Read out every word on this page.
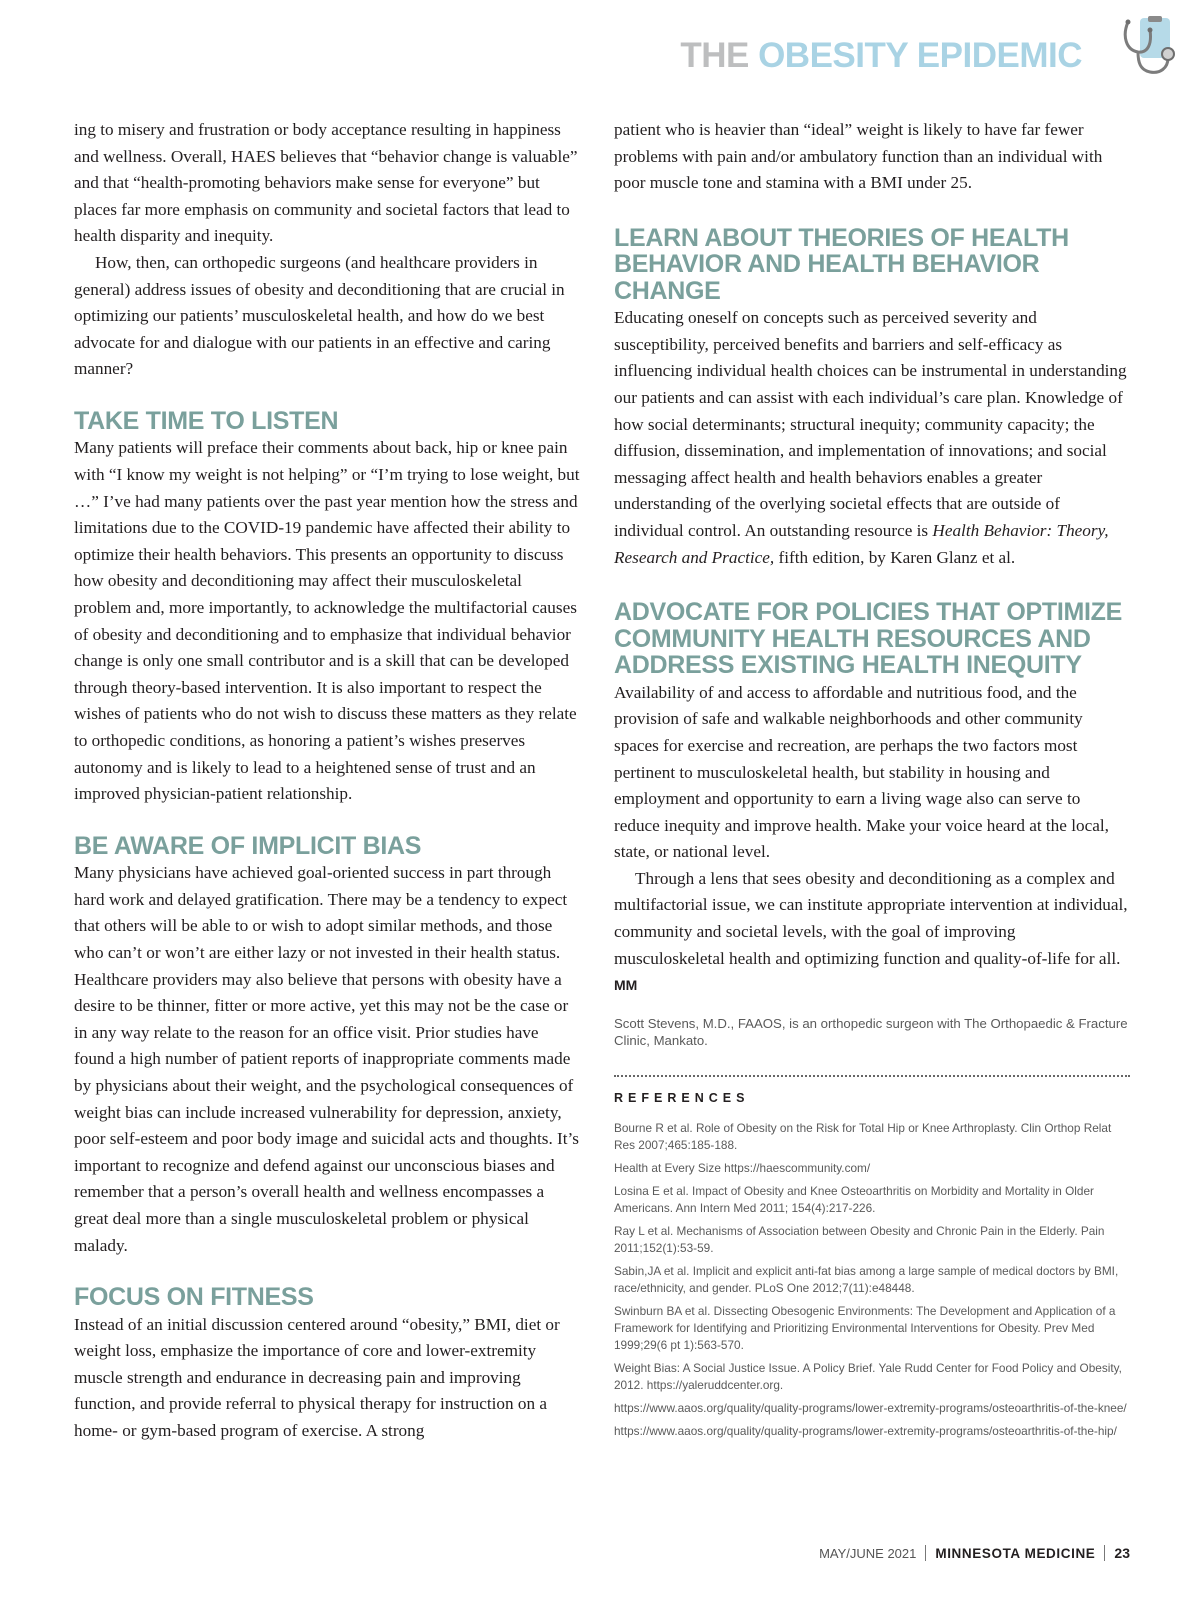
THE OBESITY EPIDEMIC

ing to misery and frustration or body acceptance resulting in happiness and wellness. Overall, HAES believes that “behavior change is valuable” and that “health-promoting behaviors make sense for everyone” but places far more emphasis on community and societal factors that lead to health disparity and inequity.

How, then, can orthopedic surgeons (and healthcare providers in general) address issues of obesity and deconditioning that are crucial in optimizing our patients’ musculoskeletal health, and how do we best advocate for and dialogue with our patients in an effective and caring manner?

TAKE TIME TO LISTEN

Many patients will preface their comments about back, hip or knee pain with “I know my weight is not helping” or “I’m trying to lose weight, but …” I’ve had many patients over the past year mention how the stress and limitations due to the COVID-19 pandemic have affected their ability to optimize their health behaviors. This presents an opportunity to discuss how obesity and deconditioning may affect their musculoskeletal problem and, more importantly, to acknowledge the multifactorial causes of obesity and deconditioning and to emphasize that individual behavior change is only one small contributor and is a skill that can be developed through theory-based intervention. It is also important to respect the wishes of patients who do not wish to discuss these matters as they relate to orthopedic conditions, as honoring a patient’s wishes preserves autonomy and is likely to lead to a heightened sense of trust and an improved physician-patient relationship.

BE AWARE OF IMPLICIT BIAS

Many physicians have achieved goal-oriented success in part through hard work and delayed gratification. There may be a tendency to expect that others will be able to or wish to adopt similar methods, and those who can’t or won’t are either lazy or not invested in their health status. Healthcare providers may also believe that persons with obesity have a desire to be thinner, fitter or more active, yet this may not be the case or in any way relate to the reason for an office visit. Prior studies have found a high number of patient reports of inappropriate comments made by physicians about their weight, and the psychological consequences of weight bias can include increased vulnerability for depression, anxiety, poor self-esteem and poor body image and suicidal acts and thoughts. It’s important to recognize and defend against our unconscious biases and remember that a person’s overall health and wellness encompasses a great deal more than a single musculoskeletal problem or physical malady.

FOCUS ON FITNESS

Instead of an initial discussion centered around “obesity,” BMI, diet or weight loss, emphasize the importance of core and lower-extremity muscle strength and endurance in decreasing pain and improving function, and provide referral to physical therapy for instruction on a home- or gym-based program of exercise. A strong

patient who is heavier than “ideal” weight is likely to have far fewer problems with pain and/or ambulatory function than an individual with poor muscle tone and stamina with a BMI under 25.

LEARN ABOUT THEORIES OF HEALTH BEHAVIOR AND HEALTH BEHAVIOR CHANGE

Educating oneself on concepts such as perceived severity and susceptibility, perceived benefits and barriers and self-efficacy as influencing individual health choices can be instrumental in understanding our patients and can assist with each individual’s care plan. Knowledge of how social determinants; structural inequity; community capacity; the diffusion, dissemination, and implementation of innovations; and social messaging affect health and health behaviors enables a greater understanding of the overlying societal effects that are outside of individual control. An outstanding resource is Health Behavior: Theory, Research and Practice, fifth edition, by Karen Glanz et al.

ADVOCATE FOR POLICIES THAT OPTIMIZE COMMUNITY HEALTH RESOURCES AND ADDRESS EXISTING HEALTH INEQUITY

Availability of and access to affordable and nutritious food, and the provision of safe and walkable neighborhoods and other community spaces for exercise and recreation, are perhaps the two factors most pertinent to musculoskeletal health, but stability in housing and employment and opportunity to earn a living wage also can serve to reduce inequity and improve health. Make your voice heard at the local, state, or national level.

Through a lens that sees obesity and deconditioning as a complex and multifactorial issue, we can institute appropriate intervention at individual, community and societal levels, with the goal of improving musculoskeletal health and optimizing function and quality-of-life for all. MM

Scott Stevens, M.D., FAAOS, is an orthopedic surgeon with The Orthopaedic & Fracture Clinic, Mankato.
REFERENCES
Bourne R et al. Role of Obesity on the Risk for Total Hip or Knee Arthroplasty. Clin Orthop Relat Res 2007;465:185-188.
Health at Every Size https://haescommunity.com/
Losina E et al. Impact of Obesity and Knee Osteoarthritis on Morbidity and Mortality in Older Americans. Ann Intern Med 2011; 154(4):217-226.
Ray L et al. Mechanisms of Association between Obesity and Chronic Pain in the Elderly. Pain 2011;152(1):53-59.
Sabin,JA et al. Implicit and explicit anti-fat bias among a large sample of medical doctors by BMI, race/ethnicity, and gender. PLoS One 2012;7(11):e48448.
Swinburn BA et al. Dissecting Obesogenic Environments: The Development and Application of a Framework for Identifying and Prioritizing Environmental Interventions for Obesity. Prev Med 1999;29(6 pt 1):563-570.
Weight Bias: A Social Justice Issue. A Policy Brief. Yale Rudd Center for Food Policy and Obesity, 2012. https://yaleruddcenter.org.
https://www.aaos.org/quality/quality-programs/lower-extremity-programs/osteoarthritis-of-the-knee/
https://www.aaos.org/quality/quality-programs/lower-extremity-programs/osteoarthritis-of-the-hip/
MAY/JUNE 2021 MINNESOTA MEDICINE 23
